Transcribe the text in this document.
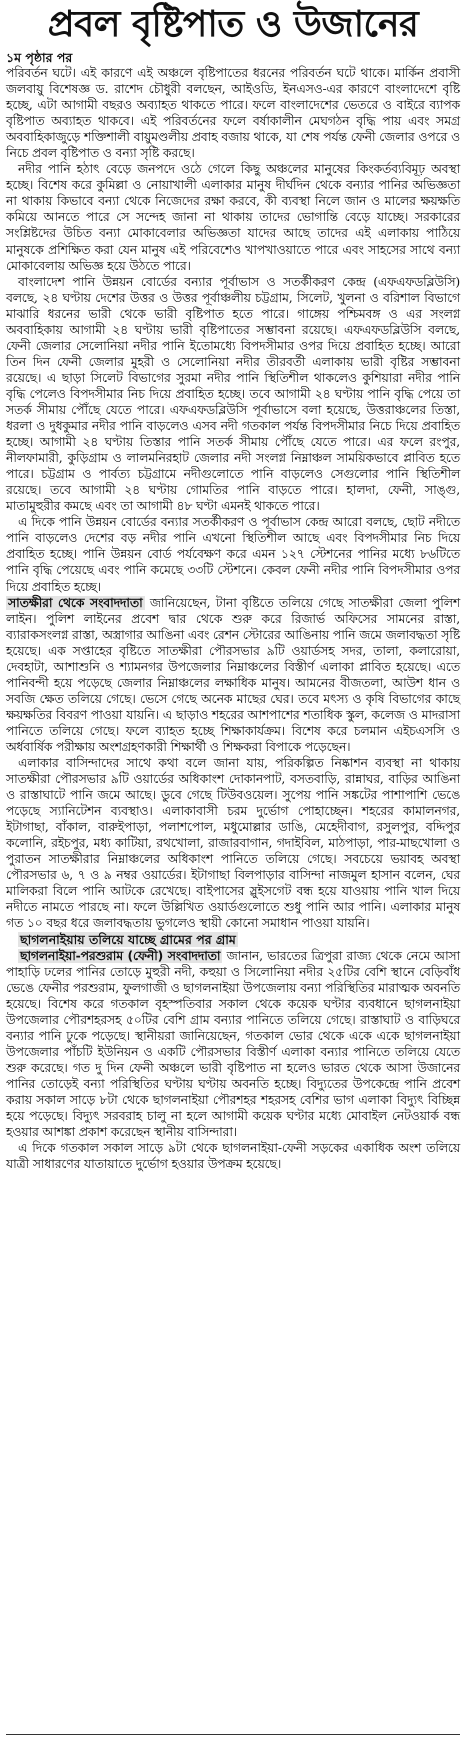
প্রবল বৃষ্টিপাত ও উজানের
১ম পৃষ্ঠার পর

পরিবর্তন ঘটে। এই কারণে এই অঞ্চলে বৃষ্টিপাতের ধরনের পরিবর্তন ঘটে থাকে। মার্কিন প্রবাসী জলবায়ু বিশেষজ্ঞ ড. রাশেদ চৌধুরী বলছেন, আইওডি, ইনএসও-এর কারণে বাংলাদেশে বৃষ্টি হচ্ছে, এটা আগামী বছরও অব্যাহত থাকতে পারে। ফলে বাংলাদেশের ভেতরে ও বাইরে ব্যাপক বৃষ্টিপাত অব্যাহত থাকবে। এই পরিবর্তনের ফলে বর্ষাকালীন মেঘগঠন বৃদ্ধি পায় এবং সমগ্র অববাহিকাজুড়ে শক্তিশালী বায়ুমণ্ডলীয় প্রবাহ বজায় থাকে, যা শেষ পর্যন্ত ফেনী জেলার ওপরে ও নিচে প্রবল বৃষ্টিপাত ও বন্যা সৃষ্টি করছে।

নদীর পানি হঠাৎ বেড়ে জনপদে ওঠে গেলে কিছু অঞ্চলের মানুষের কিংকর্তব্যবিমূঢ় অবস্থা হচ্ছে। বিশেষ করে কুমিল্লা ও নোয়াখালী এলাকার মানুষ দীর্ঘদিন থেকে বন্যার পানির অভিজ্ঞতা না থাকায় কিভাবে বন্যা থেকে নিজেদের রক্ষা করবে, কী ব্যবস্থা নিলে জান ও মালের ক্ষয়ক্ষতি কমিয়ে আনতে পারে সে সন্দেহ জানা না থাকায় তাদের ভোগান্তি বেড়ে যাচ্ছে। সরকারের সংশ্লিষ্টদের উচিত বন্যা মোকাবেলার অভিজ্ঞতা যাদের আছে তাদের এই এলাকায় পাঠিয়ে মানুষকে প্রশিক্ষিত করা যেন মানুষ এই পরিবেশেও খাপখাওয়াতে পারে এবং সাহসের সাথে বন্যা মোকাবেলায় অভিজ্ঞ হয়ে উঠতে পারে।

বাংলাদেশ পানি উন্নয়ন বোর্ডের বন্যার পূর্বাভাস ও সতর্কীকরণ কেন্দ্র (এফএফডব্লিউসি) বলছে, ২৪ ঘণ্টায় দেশের উত্তর ও উত্তর পূর্বাঞ্চলীয় চট্টগ্রাম, সিলেট, খুলনা ও বরিশাল বিভাগে মাঝারি ধরনের ভারী থেকে ভারী বৃষ্টিপাত হতে পারে। গাঙ্গেয় পশ্চিমবঙ্গ ও এর সংলগ্ন অববাহিকায় আগামী ২৪ ঘণ্টায় ভারী বৃষ্টিপাতের সম্ভাবনা রয়েছে। এফএফডব্লিউসি বলছে, ফেনী জেলার সেলোনিয়া নদীর পানি ইতোমধ্যে বিপদসীমার ওপর দিয়ে প্রবাহিত হচ্ছে। আরো তিন দিন ফেনী জেলার মুহরী ও সেলোনিয়া নদীর তীরবর্তী এলাকায় ভারী বৃষ্টির সম্ভাবনা রয়েছে। এ ছাড়া সিলেট বিভাগের সুরমা নদীর পানি স্থিতিশীল থাকলেও কুশিয়ারা নদীর পানি বৃদ্ধি পেলেও বিপদসীমার নিচ দিয়ে প্রবাহিত হচ্ছে। তবে আগামী ২৪ ঘণ্টায় পানি বৃদ্ধি পেয়ে তা সতর্ক সীমায় পৌঁছে যেতে পারে। এফএফডব্লিউসি পূর্বাভাসে বলা হয়েছে, উত্তরাঞ্চলের তিস্তা, ধরলা ও দুধকুমার নদীর পানি বাড়লেও এসব নদী গতকাল পর্যন্ত বিপদসীমার নিচে দিয়ে প্রবাহিত হচ্ছে। আগামী ২৪ ঘণ্টায় তিস্তার পানি সতর্ক সীমায় পৌঁছে যেতে পারে। এর ফলে রংপুর, নীলফামারী, কুড়িগ্রাম ও লালমনিরহাট জেলার নদী সংলগ্ন নিম্নাঞ্চল সাময়িকভাবে প্লাবিত হতে পারে। চট্টগ্রাম ও পার্বত্য চট্টগ্রামে নদীগুলোতে পানি বাড়লেও সেগুলোর পানি স্থিতিশীল রয়েছে। তবে আগামী ২৪ ঘণ্টায় গোমতির পানি বাড়তে পারে। হালদা, ফেনী, সাঙ্গু, মাতামুহুরীর কমছে এবং তা আগামী ৪৮ ঘণ্টা এমনই থাকতে পারে।

এ দিকে পানি উন্নয়ন বোর্ডের বন্যার সতর্কীকরণ ও পূর্বাভাস কেন্দ্র আরো বলছে, ছোট নদীতে পানি বাড়লেও দেশের বড় নদীর পানি এখনো স্থিতিশীল আছে এবং বিপদসীমার নিচ দিয়ে প্রবাহিত হচ্ছে। পানি উন্নয়ন বোর্ড পর্যবেক্ষণ করে এমন ১২৭ স্টেশনের পানির মধ্যে ৮৬টিতে পানি বৃদ্ধি পেয়েছে এবং পানি কমেছে ৩৩টি স্টেশনে। কেবল ফেনী নদীর পানি বিপদসীমার ওপর দিয়ে প্রবাহিত হচ্ছে।

সাতক্ষীরা থেকে সংবাদদাতা জানিয়েছেন, টানা বৃষ্টিতে তলিয়ে গেছে সাতক্ষীরা জেলা পুলিশ লাইন। পুলিশ লাইনের প্রবেশ দ্বার থেকে শুরু করে রিজার্ভ অফিসের সামনের রাস্তা, ব্যারাকসংলগ্ন রাস্তা, অস্ত্রাগার আঙিনা এবং রেশন স্টোরের আঙিনায় পানি জমে জলাবদ্ধতা সৃষ্টি হয়েছে। এক সপ্তাহের বৃষ্টিতে সাতক্ষীরা পৌরসভার ৯টি ওয়ার্ডসহ সদর, তালা, কলারোয়া, দেবহাটা, আশাশুনি ও শ্যামনগর উপজেলার নিম্নাঞ্চলের বিস্তীর্ণ এলাকা প্লাবিত হয়েছে। এতে পানিবন্দী হয়ে পড়েছে জেলার নিম্নাঞ্চলের লক্ষাধিক মানুষ। আমনের বীজতলা, আউশ ধান ও সবজি ক্ষেত তলিয়ে গেছে। ভেসে গেছে অনেক মাছের ঘের। তবে মৎস্য ও কৃষি বিভাগের কাছে ক্ষয়ক্ষতির বিবরণ পাওয়া যায়নি। এ ছাড়াও শহরের আশপাশের শতাধিক স্কুল, কলেজ ও মাদরাসা পানিতে তলিয়ে গেছে। ফলে ব্যাহত হচ্ছে শিক্ষাকার্যক্রম। বিশেষ করে চলমান এইচএসসি ও অর্ধবার্ষিক পরীক্ষায় অংশগ্রহণকারী শিক্ষার্থী ও শিক্ষকরা বিপাকে পড়েছেন।

এলাকার বাসিন্দাদের সাথে কথা বলে জানা যায়, পরিকল্পিত নিষ্কাশন ব্যবস্থা না থাকায় সাতক্ষীরা পৌরসভার ৯টি ওয়ার্ডের অধিকাংশ দোকানপাট, বসতবাড়ি, রান্নাঘর, বাড়ির আঙিনা ও রাস্তাঘাটে পানি জমে আছে। ডুবে গেছে টিউবওয়েল। সুপেয় পানি সঙ্কটের পাশাপাশি ভেঙে পড়েছে স্যানিটেশন ব্যবস্থাও। এলাকাবাসী চরম দুর্ভোগ পোহাচ্ছেন। শহরের কামালনগর, ইটাগাছা, বাঁকাল, বারুইপাড়া, পলাশপোল, মধুমোল্লার ডাঙি, মেহেদীবাগ, রসুলপুর, বদ্দিপুর কলোনি, রইচপুর, মধ্য কাটিয়া, রথখোলা, রাজারবাগান, গদাইবিল, মাঠপাড়া, পার-মাছখোলা ও পুরাতন সাতক্ষীরার নিম্নাঞ্চলের অধিকাংশ পানিতে তলিয়ে গেছে। সবচেয়ে ভয়াবহ অবস্থা পৌরসভার ৬, ৭ ও ৯ নম্বর ওয়ার্ডের। ইটাগাছা বিলপাড়ার বাসিন্দা নাজমুল হাসান বলেন, ঘের মালিকরা বিলে পানি আটকে রেখেছে। বাইপাসের স্লুইসগেট বন্ধ হয়ে যাওয়ায় পানি খাল দিয়ে নদীতে নামতে পারছে না। ফলে উল্লিখিত ওয়ার্ডগুলোতে শুধু পানি আর পানি। এলাকার মানুষ গত ১০ বছর ধরে জলাবদ্ধতায় ভুগলেও স্থায়ী কোনো সমাধান পাওয়া যায়নি।

ছাগলনাইয়ায় তলিয়ে যাচ্ছে গ্রামের পর গ্রাম

ছাগলনাইয়া-পরশুরাম (ফেনী) সংবাদদাতা জানান, ভারতের ত্রিপুরা রাজ্য থেকে নেমে আসা পাহাড়ি ঢলের পানির তোড়ে মুহুরী নদী, কহুয়া ও সিলোনিয়া নদীর ২৫টির বেশি স্থানে বেড়িবাঁধ ভেঙে ফেনীর পরশুরাম, ফুলগাজী ও ছাগলনাইয়া উপজেলায় বন্যা পরিস্থিতির মারাত্মক অবনতি হয়েছে। বিশেষ করে গতকাল বৃহস্পতিবার সকাল থেকে কয়েক ঘণ্টার ব্যবধানে ছাগলনাইয়া উপজেলার পৌরশহরসহ ৫০টির বেশি গ্রাম বন্যার পানিতে তলিয়ে গেছে। রাস্তাঘাট ও বাড়িঘরে বন্যার পানি ঢুকে পড়েছে। স্থানীয়রা জানিয়েছেন, গতকাল ভোর থেকে একে একে ছাগলনাইয়া উপজেলার পাঁচটি ইউনিয়ন ও একটি পৌরসভার বিস্তীর্ণ এলাকা বন্যার পানিতে তলিয়ে যেতে শুরু করেছে। গত দু দিন ফেনী অঞ্চলে ভারী বৃষ্টিপাত না হলেও ভারত থেকে আসা উজানের পানির তোড়েই বন্যা পরিস্থিতির ঘণ্টায় ঘণ্টায় অবনতি হচ্ছে। বিদ্যুতের উপকেন্দ্রে পানি প্রবেশ করায় সকাল সাড়ে ৮টা থেকে ছাগলনাইয়া পৌরশহর শহরসহ বেশির ভাগ এলাকা বিদ্যুৎ বিচ্ছিন্ন হয়ে পড়েছে। বিদ্যুৎ সরবরাহ চালু না হলে আগামী কয়েক ঘণ্টার মধ্যে মোবাইল নেটওয়ার্ক বন্ধ হওয়ার আশঙ্কা প্রকাশ করেছেন স্থানীয় বাসিন্দারা।

এ দিকে গতকাল সকাল সাড়ে ৯টা থেকে ছাগলনাইয়া-ফেনী সড়কের একাধিক অংশ তলিয়ে যাত্রী সাধারণের যাতায়াতে দুর্ভোগ হওয়ার উপক্রম হয়েছে।
